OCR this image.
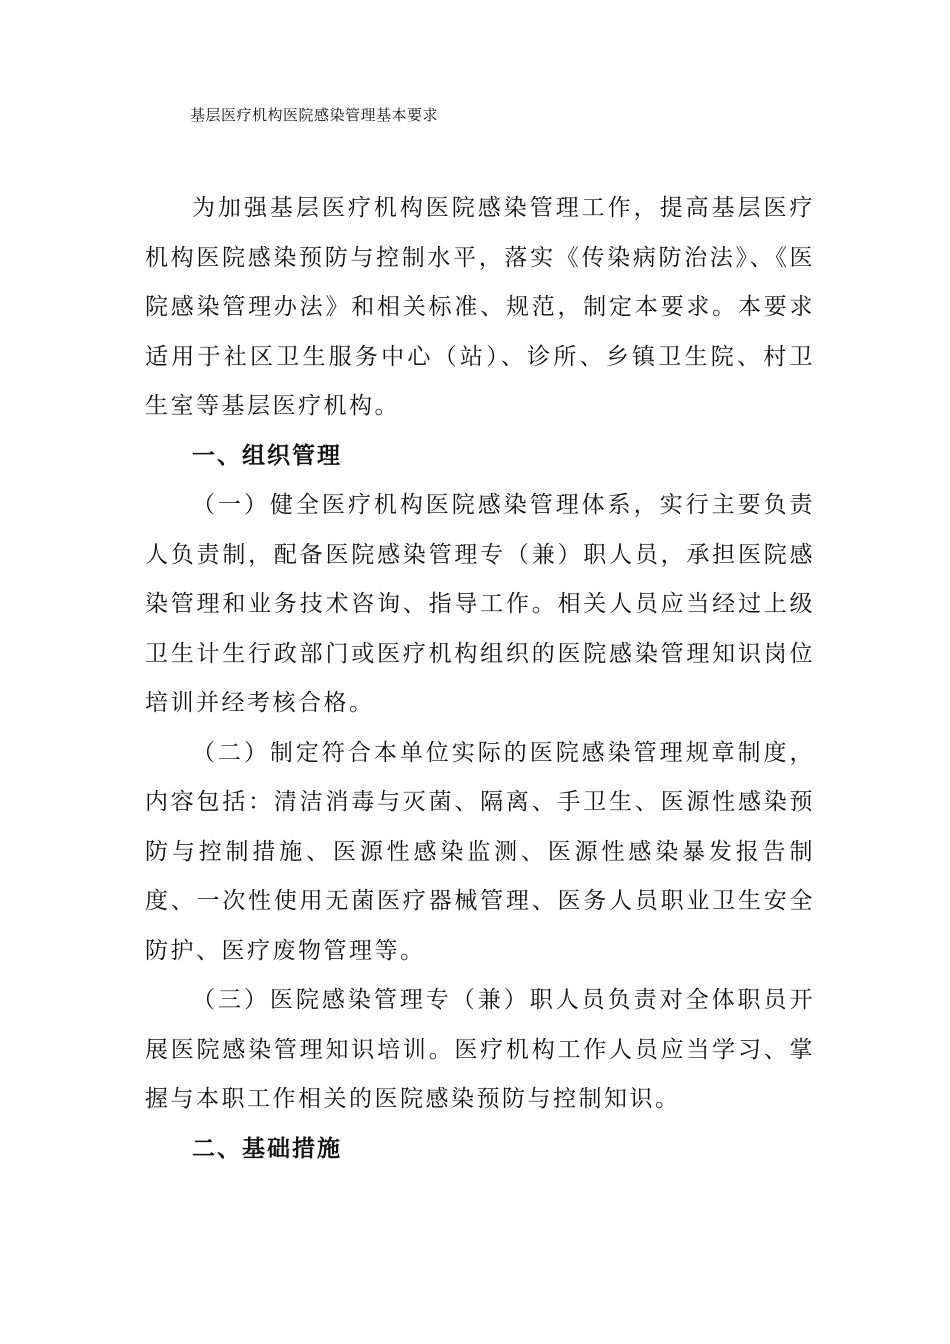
基层医疗机构医院感染管理基本要求

为加强基层医疗机构医院感染管理工作，提高基层医疗机构医院感染预防与控制水平，落实《传染病防治法》、《医院感染管理办法》和相关标准、规范，制定本要求。本要求适用于社区卫生服务中心（站）、诊所、乡镇卫生院、村卫生室等基层医疗机构。

一、组织管理

（一）健全医疗机构医院感染管理体系，实行主要负责人负责制，配备医院感染管理专（兼）职人员，承担医院感染管理和业务技术咨询、指导工作。相关人员应当经过上级卫生计生行政部门或医疗机构组织的医院感染管理知识岗位培训并经考核合格。

（二）制定符合本单位实际的医院感染管理规章制度，内容包括：清洁消毒与灭菌、隔离、手卫生、医源性感染预防与控制措施、医源性感染监测、医源性感染暴发报告制度、一次性使用无菌医疗器械管理、医务人员职业卫生安全防护、医疗废物管理等。

（三）医院感染管理专（兼）职人员负责对全体职员开展医院感染管理知识培训。医疗机构工作人员应当学习、掌握与本职工作相关的医院感染预防与控制知识。

二、基础措施
